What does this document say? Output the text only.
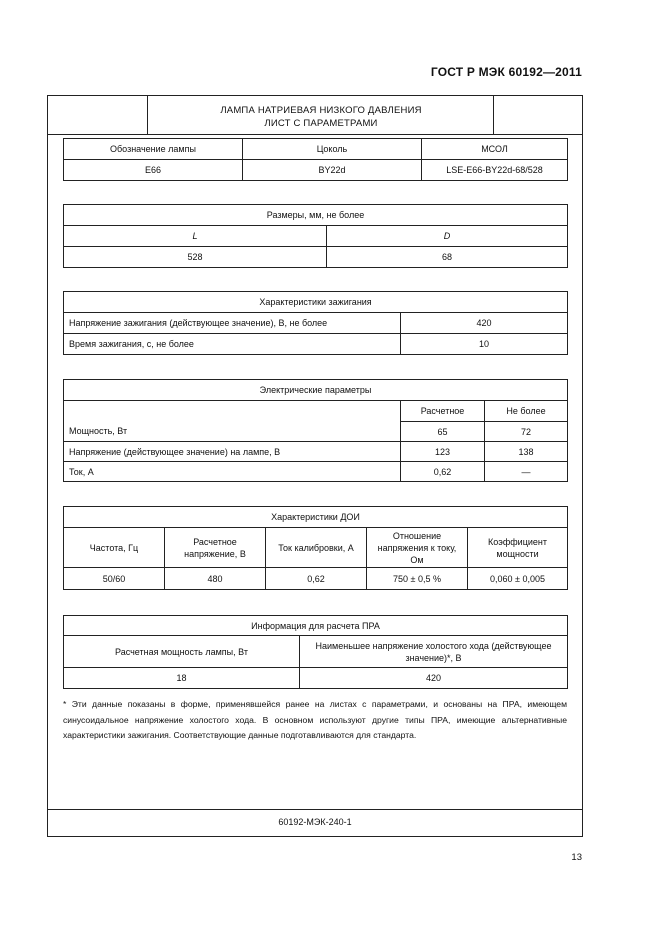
ГОСТ Р МЭК 60192—2011
ЛАМПА НАТРИЕВАЯ НИЗКОГО ДАВЛЕНИЯ
ЛИСТ С ПАРАМЕТРАМИ
Обозначение лампы	Цоколь	МСОЛ
Е66	BY22d	LSE-E66-BY22d-68/528
Размеры, мм, не более	
L	D
528	68
Характеристики зажигания	
Напряжение зажигания (действующее значение), В, не более	420
Время зажигания, с, не более	10
Электрические параметры		
	Расчетное	Не более
Мощность, Вт	65	72
Напряжение (действующее значение) на лампе, В	123	138
Ток, А	0,62	—
Характеристики ДОИ				
Частота, Гц	Расчетное напряжение, В	Ток калибровки, А	Отношение напряжения к току, Ом	Коэффициент мощности
50/60	480	0,62	750 ± 0,5 %	0,060 ± 0,005
Информация для расчета ПРА	
Расчетная мощность лампы, Вт	Наименьшее напряжение холостого хода (действующее значение)*, В
18	420
* Эти данные показаны в форме, применявшейся ранее на листах с параметрами, и основаны на ПРА, имеющем синусоидальное напряжение холостого хода. В основном используют другие типы ПРА, имеющие альтернативные характеристики зажигания. Соответствующие данные подготавливаются для стандарта.
60192-МЭК-240-1
13
